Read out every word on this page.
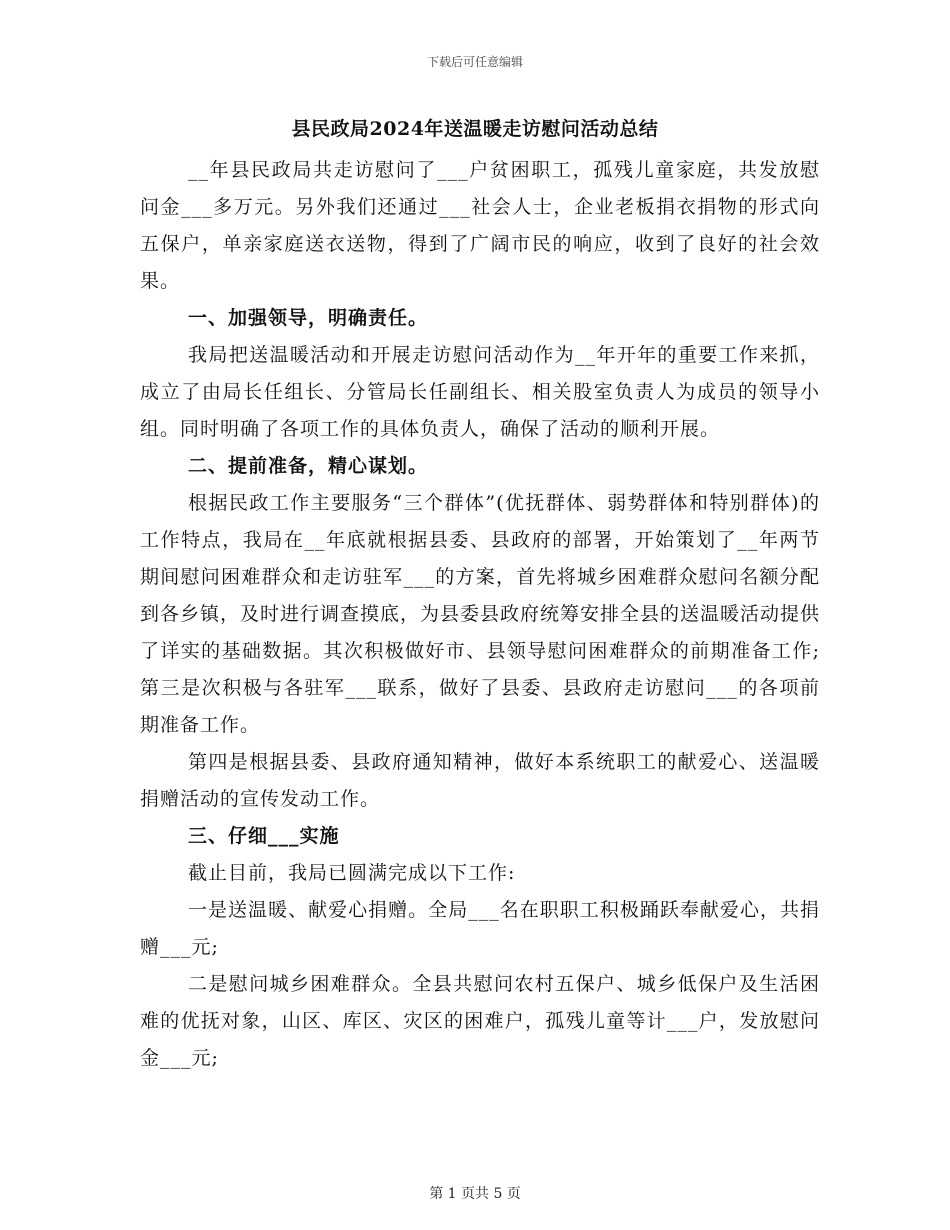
下载后可任意编辑
县民政局2024年送温暖走访慰问活动总结

__年县民政局共走访慰问了___户贫困职工，孤残儿童家庭，共发放慰问金___多万元。另外我们还通过___社会人士，企业老板捐衣捐物的形式向五保户，单亲家庭送衣送物，得到了广阔市民的响应，收到了良好的社会效果。

一、加强领导，明确责任。

我局把送温暖活动和开展走访慰问活动作为__年开年的重要工作来抓，成立了由局长任组长、分管局长任副组长、相关股室负责人为成员的领导小组。同时明确了各项工作的具体负责人，确保了活动的顺利开展。

二、提前准备，精心谋划。

根据民政工作主要服务“三个群体”(优抚群体、弱势群体和特别群体)的工作特点，我局在__年底就根据县委、县政府的部署，开始策划了__年两节期间慰问困难群众和走访驻军___的方案，首先将城乡困难群众慰问名额分配到各乡镇，及时进行调查摸底，为县委县政府统筹安排全县的送温暖活动提供了详实的基础数据。其次积极做好市、县领导慰问困难群众的前期准备工作;第三是次积极与各驻军___联系，做好了县委、县政府走访慰问___的各项前期准备工作。

第四是根据县委、县政府通知精神，做好本系统职工的献爱心、送温暖捐赠活动的宣传发动工作。

三、仔细___实施

截止目前，我局已圆满完成以下工作:

一是送温暖、献爱心捐赠。全局___名在职职工积极踊跃奉献爱心，共捐赠___元;

二是慰问城乡困难群众。全县共慰问农村五保户、城乡低保户及生活困难的优抚对象，山区、库区、灾区的困难户，孤残儿童等计___户，发放慰问金___元;

第 1 页共 5 页
